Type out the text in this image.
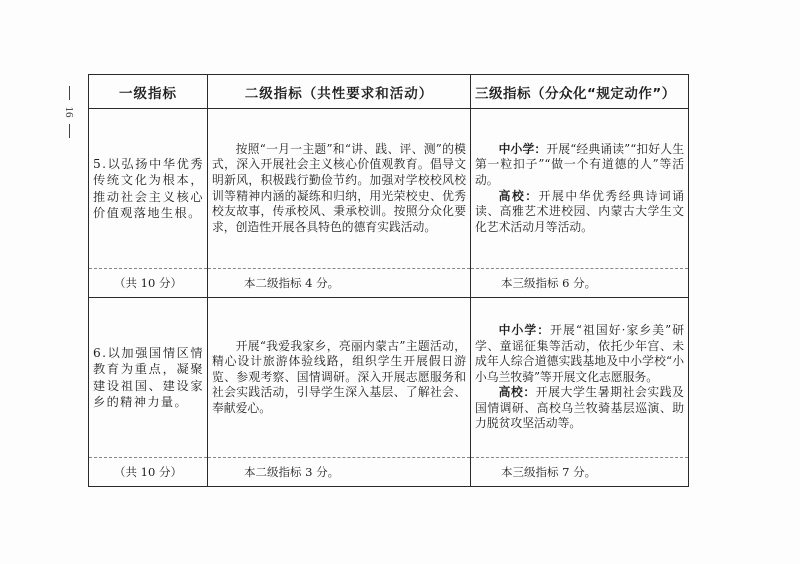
16
一级指标	二级指标（共性要求和活动）	三级指标（分众化“规定动作”）

5.以弘扬中华优秀传统文化为根本，推动社会主义核心价值观落地生根。	按照“一月一主题”和“讲、践、评、测”的模式，深入开展社会主义核心价值观教育。倡导文明新风，积极践行勤俭节约。加强对学校校风校训等精神内涵的凝练和归纳，用光荣校史、优秀校友故事，传承校风、秉承校训。按照分众化要求，创造性开展各具特色的德育实践活动。	中小学：开展“经典诵读”“扣好人生第一粒扣子”“做一个有道德的人”等活动。
高校：开展中华优秀经典诗词诵读、高雅艺术进校园、内蒙古大学生文化艺术活动月等活动。

（共 10 分）	本二级指标 4 分。	本三级指标 6 分。

6.以加强国情区情教育为重点，凝聚建设祖国、建设家乡的精神力量。	开展“我爱我家乡，亮丽内蒙古”主题活动，精心设计旅游体验线路，组织学生开展假日游览、参观考察、国情调研。深入开展志愿服务和社会实践活动，引导学生深入基层、了解社会、奉献爱心。	中小学：开展“祖国好·家乡美”研学、童谣征集等活动，依托少年宫、未成年人综合道德实践基地及中小学校“小小乌兰牧骑”等开展文化志愿服务。
高校：开展大学生暑期社会实践及国情调研、高校乌兰牧骑基层巡演、助力脱贫攻坚活动等。

（共 10 分）	本二级指标 3 分。	本三级指标 7 分。
